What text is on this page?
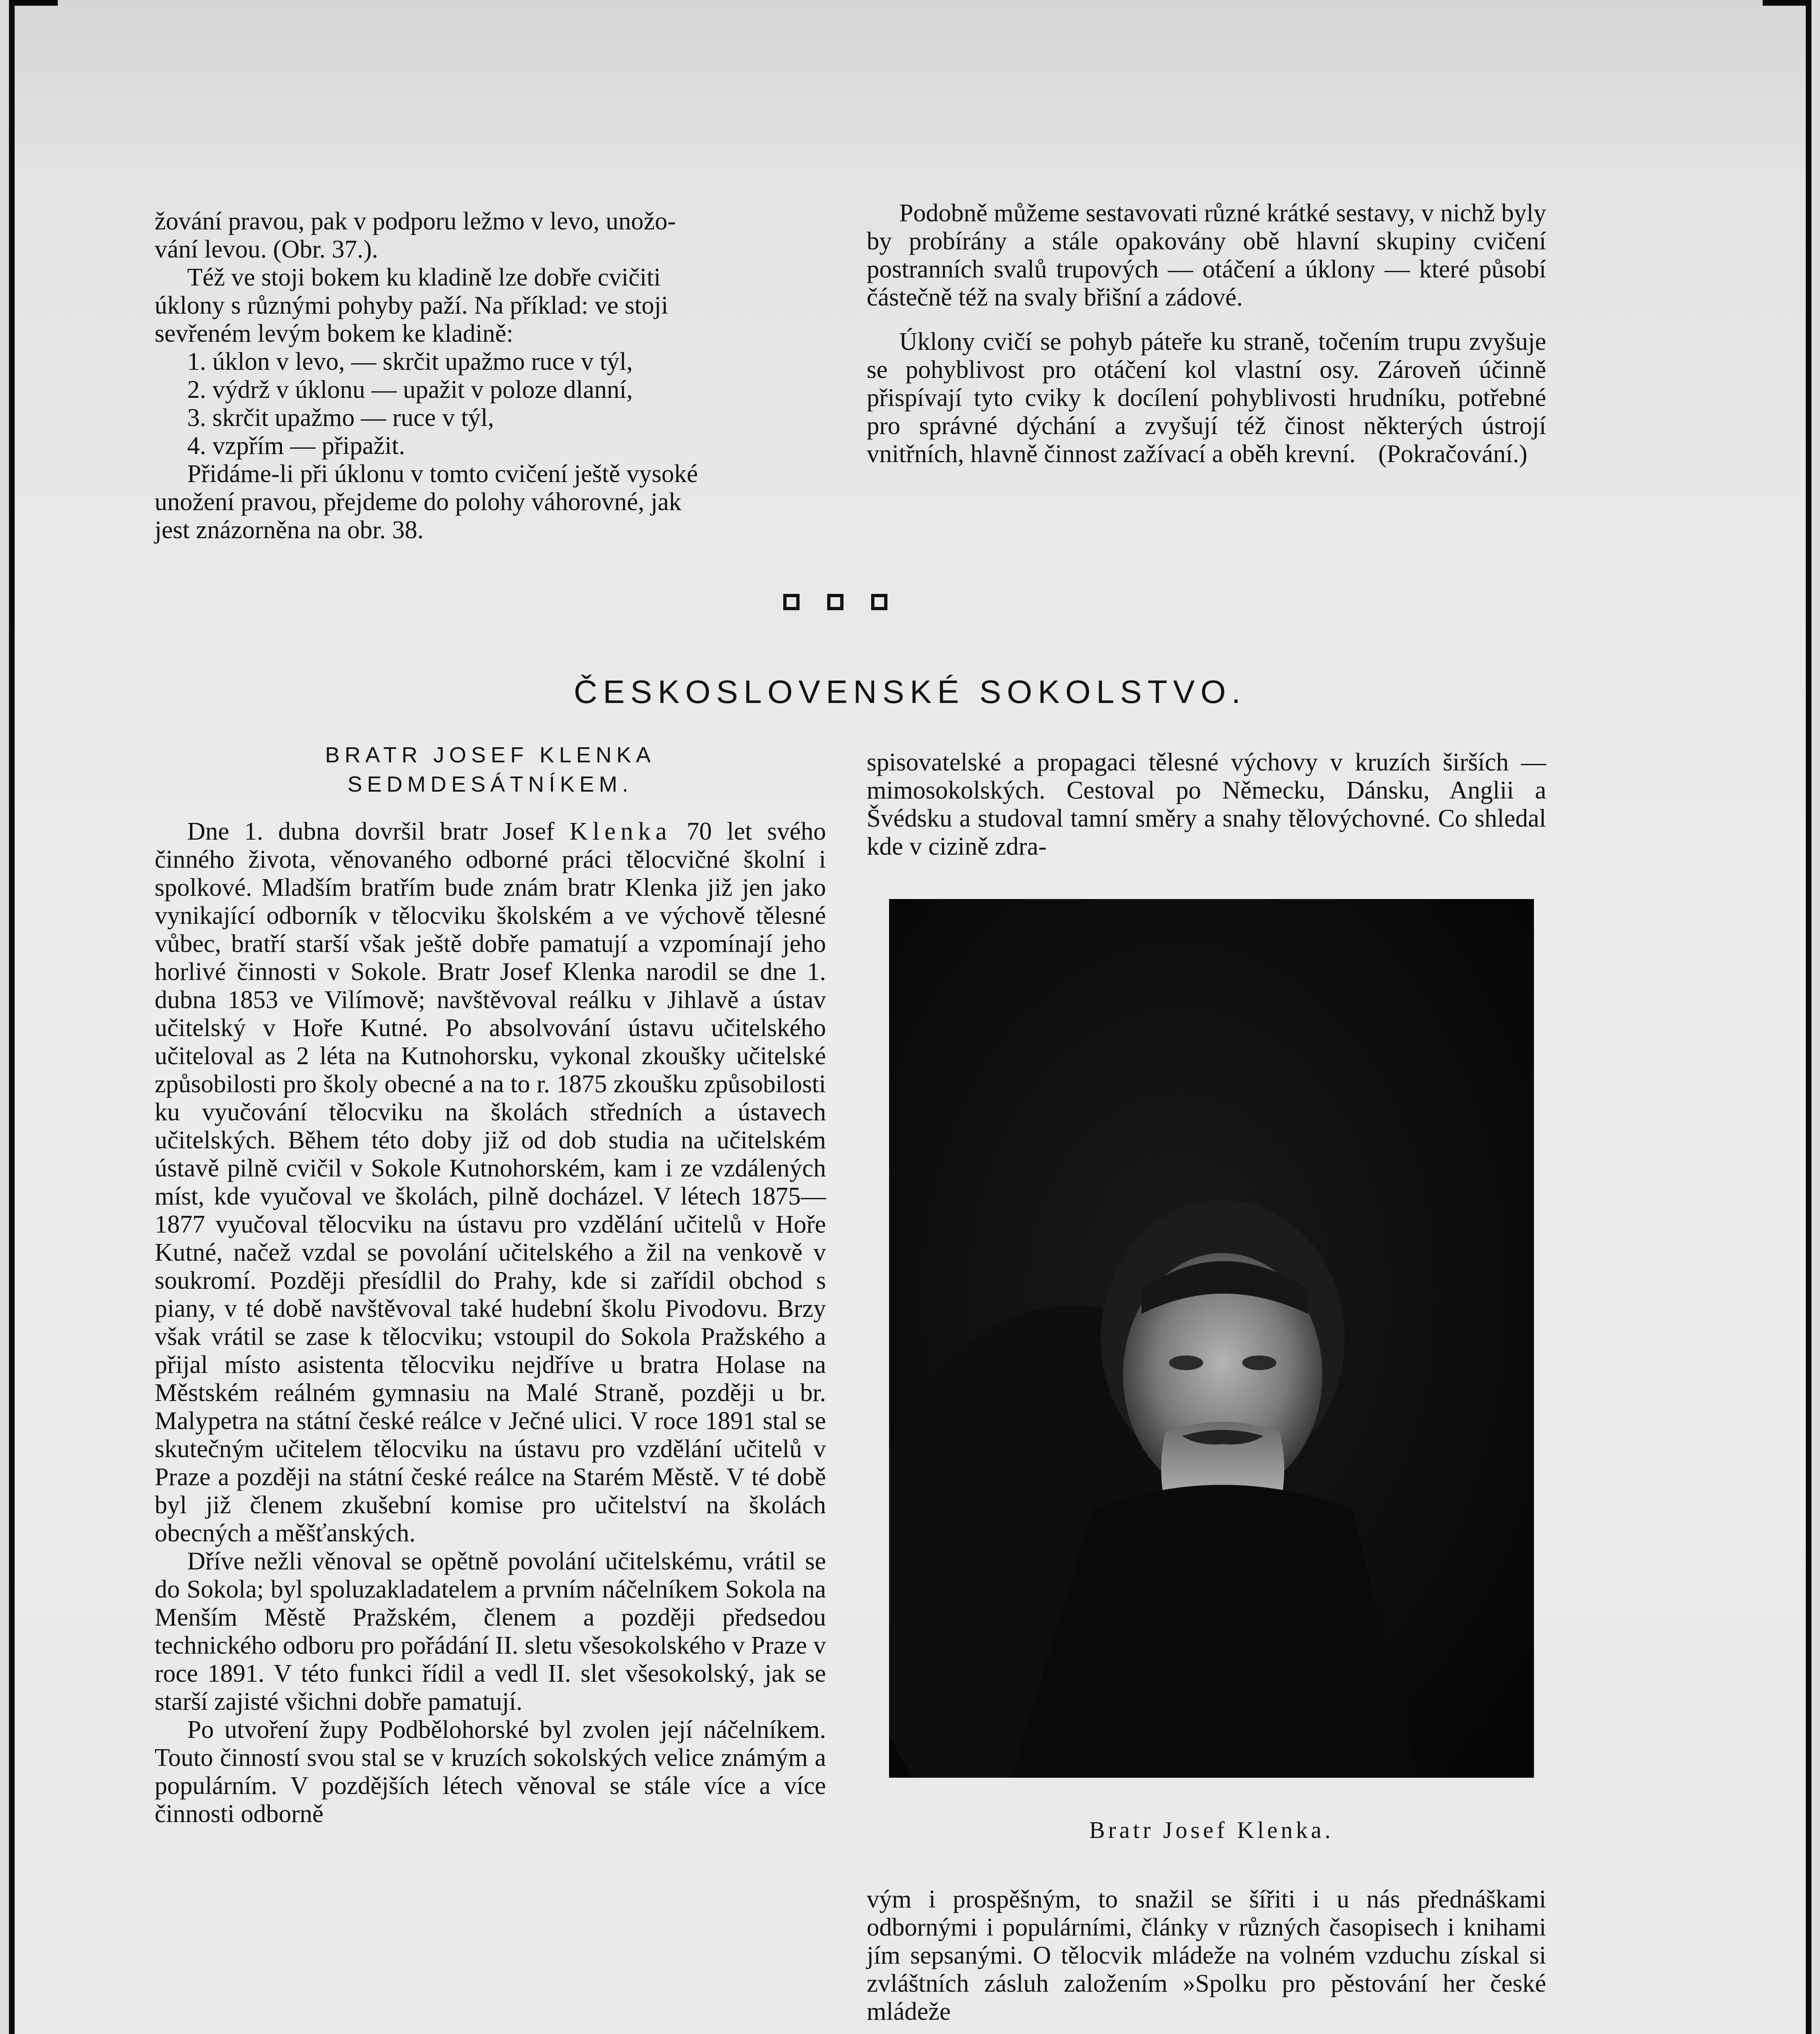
žování pravou, pak v podporu ležmo v levo, unožo-

vání levou. (Obr. 37.).

Též ve stoji bokem ku kladině lze dobře cvičiti

úklony s různými pohyby paží. Na příklad: ve stoji

sevřeném levým bokem ke kladině:

1. úklon v levo, — skrčit upažmo ruce v týl,

2. výdrž v úklonu — upažit v poloze dlanní,

3. skrčit upažmo — ruce v týl,

4. vzpřím — připažit.

Přidáme-li při úklonu v tomto cvičení ještě vysoké

unožení pravou, přejdeme do polohy váhorovné, jak

jest znázorněna na obr. 38.

Podobně můžeme sestavovati různé krátké sestavy, v nichž byly by probírány a stále opakovány obě hlavní skupiny cvičení postranních svalů trupových — otáčení a úklony — které působí částečně též na svaly břišní a zádové.

Úklony cvičí se pohyb páteře ku straně, točením trupu zvyšuje se pohyblivost pro otáčení kol vlastní osy. Zároveň účinně přispívají tyto cviky k docílení pohyblivosti hrudníku, potřebné pro správné dýchání a zvyšují též činost některých ústrojí vnitřních, hlavně činnost zažívací a oběh krevní. (Pokračování.)

ČESKOSLOVENSKÉ SOKOLSTVO.
BRATR JOSEF KLENKA
SEDMDESÁTNÍKEM.

Dne 1. dubna dovršil bratr Josef Klenka 70 let svého činného života, věnovaného odborné práci tělocvičné školní i spolkové. Mladším bratřím bude znám bratr Klenka již jen jako vynikající odborník v tělocviku školském a ve výchově tělesné vůbec, bratří starší však ještě dobře pamatují a vzpomínají jeho horlivé činnosti v Sokole. Bratr Josef Klenka narodil se dne 1. dubna 1853 ve Vilímově; navštěvoval reálku v Jihlavě a ústav učitelský v Hoře Kutné. Po absolvování ústavu učitelského učiteloval as 2 léta na Kutnohorsku, vykonal zkoušky učitelské způsobilosti pro školy obecné a na to r. 1875 zkoušku způsobilosti ku vyučování tělocviku na školách středních a ústavech učitelských. Během této doby již od dob studia na učitelském ústavě pilně cvičil v Sokole Kutnohorském, kam i ze vzdálených míst, kde vyučoval ve školách, pilně docházel. V létech 1875—1877 vyučoval tělocviku na ústavu pro vzdělání učitelů v Hoře Kutné, načež vzdal se povolání učitelského a žil na venkově v soukromí. Později přesídlil do Prahy, kde si zařídil obchod s piany, v té době navštěvoval také hudební školu Pivodovu. Brzy však vrátil se zase k tělocviku; vstoupil do Sokola Pražského a přijal místo asistenta tělocviku nejdříve u bratra Holase na Městském reálném gymnasiu na Malé Straně, později u br. Malypetra na státní české reálce v Ječné ulici. V roce 1891 stal se skutečným učitelem tělocviku na ústavu pro vzdělání učitelů v Praze a později na státní české reálce na Starém Městě. V té době byl již členem zkušební komise pro učitelství na školách obecných a měšťanských.

Dříve nežli věnoval se opětně povolání učitelskému, vrátil se do Sokola; byl spoluzakladatelem a prvním náčelníkem Sokola na Menším Městě Pražském, členem a později předsedou technického odboru pro pořádání II. sletu všesokolského v Praze v roce 1891. V této funkci řídil a vedl II. slet všesokolský, jak se starší zajisté všichni dobře pamatují.

Po utvoření župy Podbělohorské byl zvolen její náčelníkem. Touto činností svou stal se v kruzích sokolských velice známým a populárním. V pozdějších létech věnoval se stále více a více činnosti odborně

spisovatelské a propagaci tělesné výchovy v kruzích širších — mimosokolských. Cestoval po Německu, Dánsku, Anglii a Švédsku a studoval tamní směry a snahy tělovýchovné. Co shledal kde v cizině zdra-

Bratr Josef Klenka.

vým i prospěšným, to snažil se šířiti i u nás přednáškami odbornými i populárními, články v různých časopisech i knihami jím sepsanými. O tělocvik mládeže na volném vzduchu získal si zvláštních zásluh založením »Spolku pro pěstování her české mládeže
